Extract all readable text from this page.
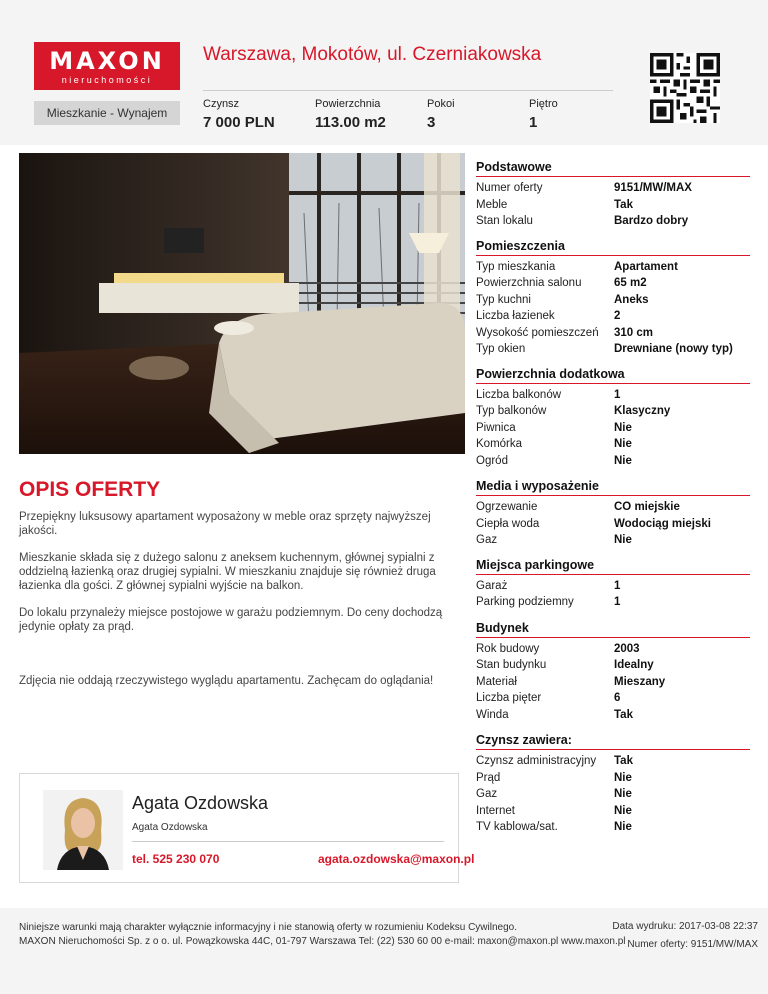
MAXON
nieruchomości
Warszawa, Mokotów, ul. Czerniakowska
Mieszkanie - Wynajem
Czynsz
7 000 PLN
Powierzchnia
113.00 m2
Pokoi
3
Piętro
1
OPIS OFERTY

Przepiękny luksusowy apartament wyposażony w meble oraz sprzęty najwyższej jakości.

Mieszkanie składa się z dużego salonu z aneksem kuchennym, głównej sypialni z oddzielną łazienką oraz drugiej sypialni. W mieszkaniu znajduje się również druga łazienka dla gości. Z głównej sypialni wyjście na balkon.

Do lokalu przynależy miejsce postojowe w garażu podziemnym. Do ceny dochodzą jedynie opłaty za prąd.

Zdjęcia nie oddają rzeczywistego wyglądu apartamentu. Zachęcam do oglądania!

Podstawowe
Numer oferty	9151/MW/MAX
Meble	Tak
Stan lokalu	Bardzo dobry
Pomieszczenia
Typ mieszkania	Apartament
Powierzchnia salonu	65 m2
Typ kuchni	Aneks
Liczba łazienek	2
Wysokość pomieszczeń	310 cm
Typ okien	Drewniane (nowy typ)
Powierzchnia dodatkowa
Liczba balkonów	1
Typ balkonów	Klasyczny
Piwnica	Nie
Komórka	Nie
Ogród	Nie
Media i wyposażenie
Ogrzewanie	CO miejskie
Ciepła woda	Wodociąg miejski
Gaz	Nie
Miejsca parkingowe
Garaż	1
Parking podziemny	1
Budynek
Rok budowy	2003
Stan budynku	Idealny
Materiał	Mieszany
Liczba pięter	6
Winda	Tak
Czynsz zawiera:
Czynsz administracyjny	Tak
Prąd	Nie
Gaz	Nie
Internet	Nie
TV kablowa/sat.	Nie
Agata Ozdowska
Agata Ozdowska
tel. 525 230 070	agata.ozdowska@maxon.pl
Niniejsze warunki mają charakter wyłącznie informacyjny i nie stanowią oferty w rozumieniu Kodeksu Cywilnego.
MAXON Nieruchomości Sp. z o o. ul. Powązkowska 44C, 01-797 Warszawa Tel: (22) 530 60 00 e-mail: maxon@maxon.pl www.maxon.pl
Data wydruku: 2017-03-08 22:37
Numer oferty: 9151/MW/MAX
